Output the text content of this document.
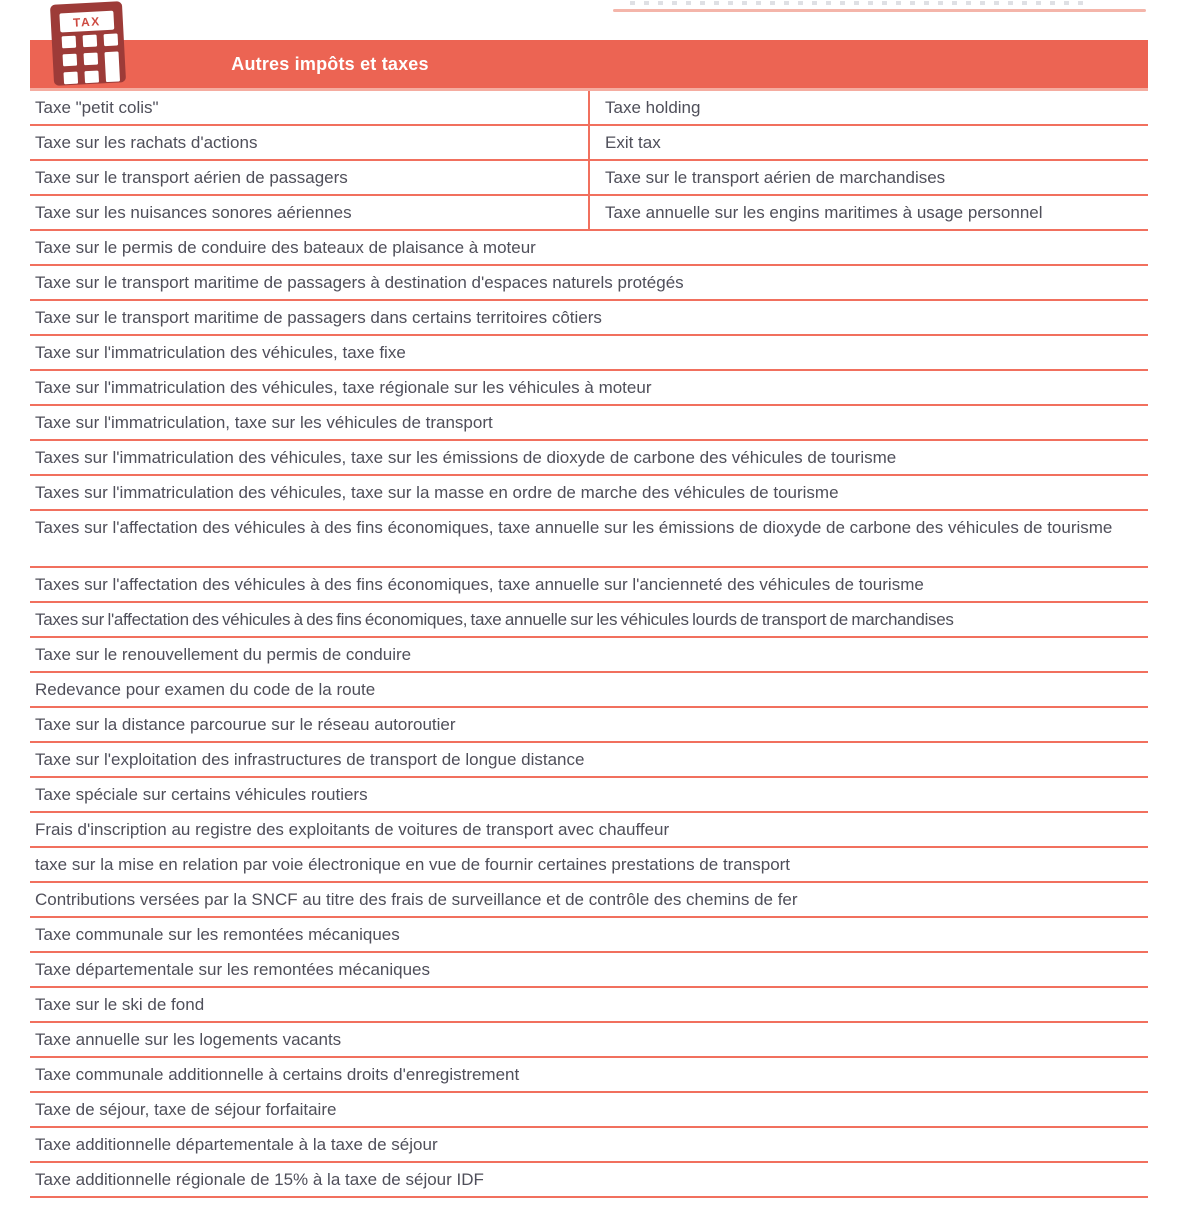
TAX
Autres impôts et taxes
Taxe "petit colis"	Taxe holding
Taxe sur les rachats d'actions	Exit tax
Taxe sur le transport aérien de passagers	Taxe sur le transport aérien de marchandises
Taxe sur les nuisances sonores aériennes	Taxe annuelle sur les engins maritimes à usage personnel
Taxe sur le permis de conduire des bateaux de plaisance à moteur
Taxe sur le transport maritime de passagers à destination d'espaces naturels protégés
Taxe sur le transport maritime de passagers dans certains territoires côtiers
Taxe sur l'immatriculation des véhicules, taxe fixe
Taxe sur l'immatriculation des véhicules, taxe régionale sur les véhicules à moteur
Taxe sur l'immatriculation, taxe sur les véhicules de transport
Taxes sur l'immatriculation des véhicules, taxe sur les émissions de dioxyde de carbone des véhicules de tourisme
Taxes sur l'immatriculation des véhicules, taxe sur la masse en ordre de marche des véhicules de tourisme
Taxes sur l'affectation des véhicules à des fins économiques, taxe annuelle sur les émissions de dioxyde de carbone des véhicules de tourisme
Taxes sur l'affectation des véhicules à des fins économiques, taxe annuelle sur l'ancienneté des véhicules de tourisme
Taxes sur l'affectation des véhicules à des fins économiques, taxe annuelle sur les véhicules lourds de transport de marchandises
Taxe sur le renouvellement du permis de conduire
Redevance pour examen du code de la route
Taxe sur la distance parcourue sur le réseau autoroutier
Taxe sur l'exploitation des infrastructures de transport de longue distance
Taxe spéciale sur certains véhicules routiers
Frais d'inscription au registre des exploitants de voitures de transport avec chauffeur
taxe sur la mise en relation par voie électronique en vue de fournir certaines prestations de transport
Contributions versées par la SNCF au titre des frais de surveillance et de contrôle des chemins de fer
Taxe communale sur les remontées mécaniques
Taxe départementale sur les remontées mécaniques
Taxe sur le ski de fond
Taxe annuelle sur les logements vacants
Taxe communale additionnelle à certains droits d'enregistrement
Taxe de séjour, taxe de séjour forfaitaire
Taxe additionnelle départementale à la taxe de séjour
Taxe additionnelle régionale de 15% à la taxe de séjour IDF
